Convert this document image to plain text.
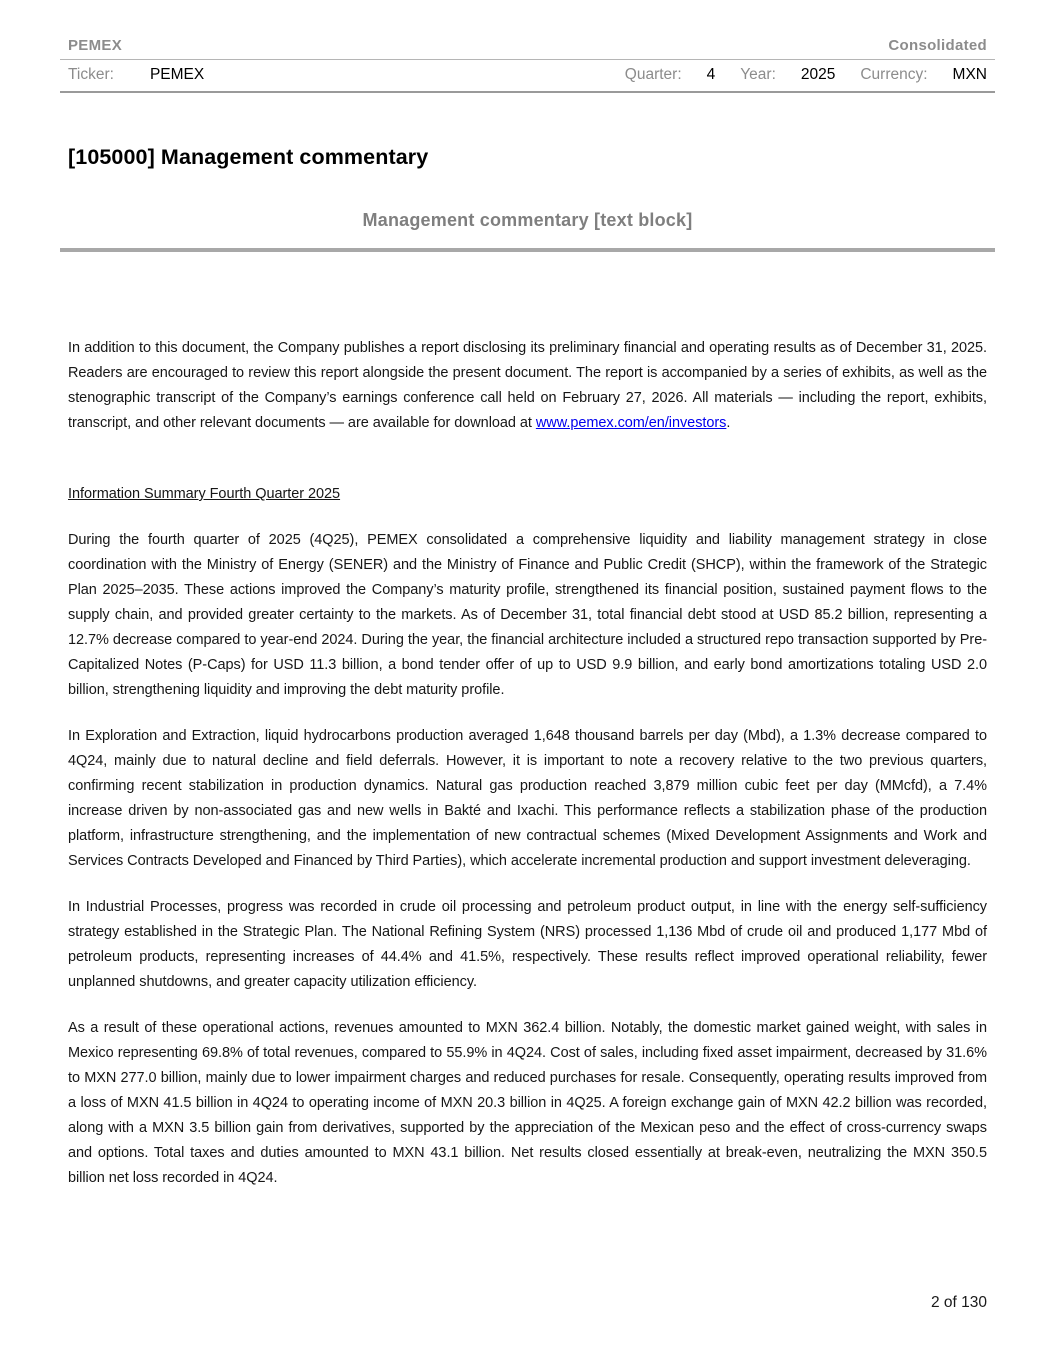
PEMEX	Consolidated
Ticker: PEMEX	Quarter: 4 Year: 2025 Currency: MXN
[105000] Management commentary
Management commentary [text block]

In addition to this document, the Company publishes a report disclosing its preliminary financial and operating results as of December 31, 2025. Readers are encouraged to review this report alongside the present document. The report is accompanied by a series of exhibits, as well as the stenographic transcript of the Company’s earnings conference call held on February 27, 2026. All materials — including the report, exhibits, transcript, and other relevant documents — are available for download at www.pemex.com/en/investors.

Information Summary Fourth Quarter 2025

During the fourth quarter of 2025 (4Q25), PEMEX consolidated a comprehensive liquidity and liability management strategy in close coordination with the Ministry of Energy (SENER) and the Ministry of Finance and Public Credit (SHCP), within the framework of the Strategic Plan 2025–2035. These actions improved the Company’s maturity profile, strengthened its financial position, sustained payment flows to the supply chain, and provided greater certainty to the markets. As of December 31, total financial debt stood at USD 85.2 billion, representing a 12.7% decrease compared to year-end 2024. During the year, the financial architecture included a structured repo transaction supported by Pre-Capitalized Notes (P-Caps) for USD 11.3 billion, a bond tender offer of up to USD 9.9 billion, and early bond amortizations totaling USD 2.0 billion, strengthening liquidity and improving the debt maturity profile.

In Exploration and Extraction, liquid hydrocarbons production averaged 1,648 thousand barrels per day (Mbd), a 1.3% decrease compared to 4Q24, mainly due to natural decline and field deferrals. However, it is important to note a recovery relative to the two previous quarters, confirming recent stabilization in production dynamics. Natural gas production reached 3,879 million cubic feet per day (MMcfd), a 7.4% increase driven by non-associated gas and new wells in Bakté and Ixachi. This performance reflects a stabilization phase of the production platform, infrastructure strengthening, and the implementation of new contractual schemes (Mixed Development Assignments and Work and Services Contracts Developed and Financed by Third Parties), which accelerate incremental production and support investment deleveraging.

In Industrial Processes, progress was recorded in crude oil processing and petroleum product output, in line with the energy self-sufficiency strategy established in the Strategic Plan. The National Refining System (NRS) processed 1,136 Mbd of crude oil and produced 1,177 Mbd of petroleum products, representing increases of 44.4% and 41.5%, respectively. These results reflect improved operational reliability, fewer unplanned shutdowns, and greater capacity utilization efficiency.

As a result of these operational actions, revenues amounted to MXN 362.4 billion. Notably, the domestic market gained weight, with sales in Mexico representing 69.8% of total revenues, compared to 55.9% in 4Q24. Cost of sales, including fixed asset impairment, decreased by 31.6% to MXN 277.0 billion, mainly due to lower impairment charges and reduced purchases for resale. Consequently, operating results improved from a loss of MXN 41.5 billion in 4Q24 to operating income of MXN 20.3 billion in 4Q25. A foreign exchange gain of MXN 42.2 billion was recorded, along with a MXN 3.5 billion gain from derivatives, supported by the appreciation of the Mexican peso and the effect of cross-currency swaps and options. Total taxes and duties amounted to MXN 43.1 billion. Net results closed essentially at break-even, neutralizing the MXN 350.5 billion net loss recorded in 4Q24.

2 of 130
